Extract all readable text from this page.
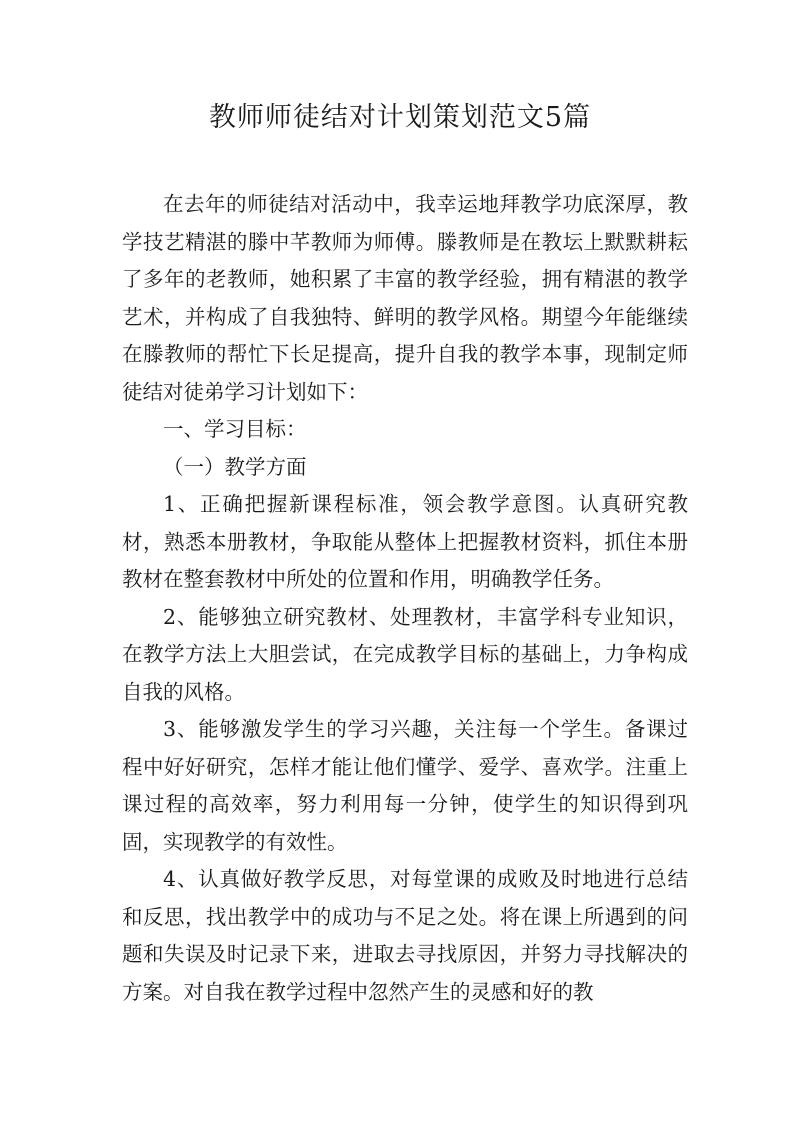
教师师徒结对计划策划范文5篇

在去年的师徒结对活动中，我幸运地拜教学功底深厚，教学技艺精湛的滕中芊教师为师傅。滕教师是在教坛上默默耕耘了多年的老教师，她积累了丰富的教学经验，拥有精湛的教学艺术，并构成了自我独特、鲜明的教学风格。期望今年能继续在滕教师的帮忙下长足提高，提升自我的教学本事，现制定师徒结对徒弟学习计划如下：

一、学习目标：

（一）教学方面

1、正确把握新课程标准，领会教学意图。认真研究教材，熟悉本册教材，争取能从整体上把握教材资料，抓住本册教材在整套教材中所处的位置和作用，明确教学任务。

2、能够独立研究教材、处理教材，丰富学科专业知识，在教学方法上大胆尝试，在完成教学目标的基础上，力争构成自我的风格。

3、能够激发学生的学习兴趣，关注每一个学生。备课过程中好好研究，怎样才能让他们懂学、爱学、喜欢学。注重上课过程的高效率，努力利用每一分钟，使学生的知识得到巩固，实现教学的有效性。

4、认真做好教学反思，对每堂课的成败及时地进行总结和反思，找出教学中的成功与不足之处。将在课上所遇到的问题和失误及时记录下来，进取去寻找原因，并努力寻找解决的方案。对自我在教学过程中忽然产生的灵感和好的教
